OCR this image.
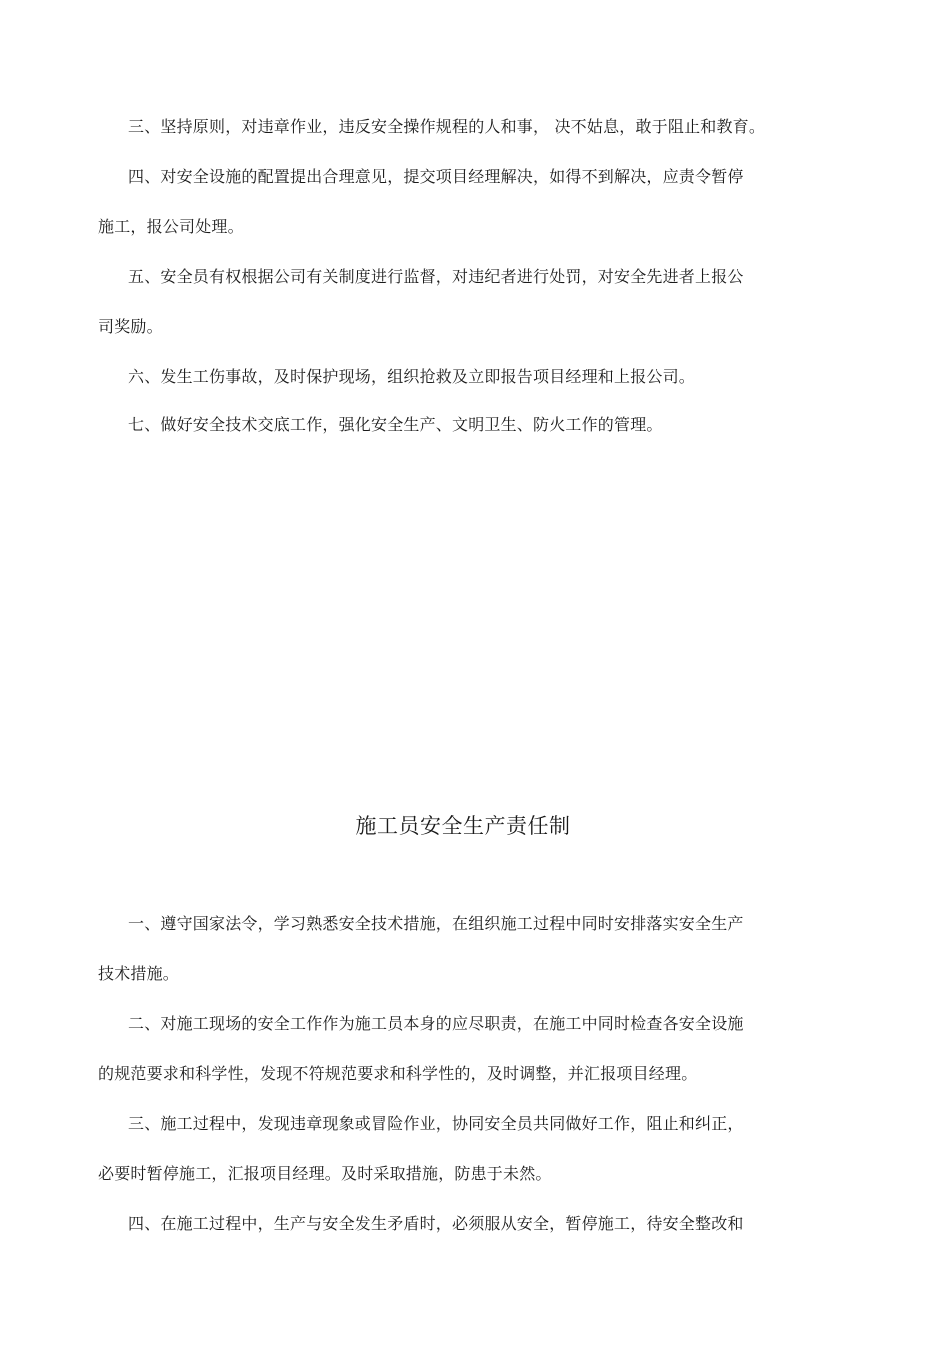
三、坚持原则，对违章作业，违反安全操作规程的人和事， 决不姑息，敢于阻止和教育。
四、对安全设施的配置提出合理意见，提交项目经理解决，如得不到解决，应责令暂停
施工，报公司处理。
五、安全员有权根据公司有关制度进行监督，对违纪者进行处罚，对安全先进者上报公
司奖励。
六、发生工伤事故，及时保护现场，组织抢救及立即报告项目经理和上报公司。
七、做好安全技术交底工作，强化安全生产、文明卫生、防火工作的管理。
施工员安全生产责任制
一、遵守国家法令，学习熟悉安全技术措施，在组织施工过程中同时安排落实安全生产
技术措施。
二、对施工现场的安全工作作为施工员本身的应尽职责，在施工中同时检查各安全设施
的规范要求和科学性，发现不符规范要求和科学性的，及时调整，并汇报项目经理。
三、施工过程中，发现违章现象或冒险作业，协同安全员共同做好工作，阻止和纠正，
必要时暂停施工，汇报项目经理。及时采取措施，防患于未然。
四、在施工过程中，生产与安全发生矛盾时，必须服从安全，暂停施工，待安全整改和
